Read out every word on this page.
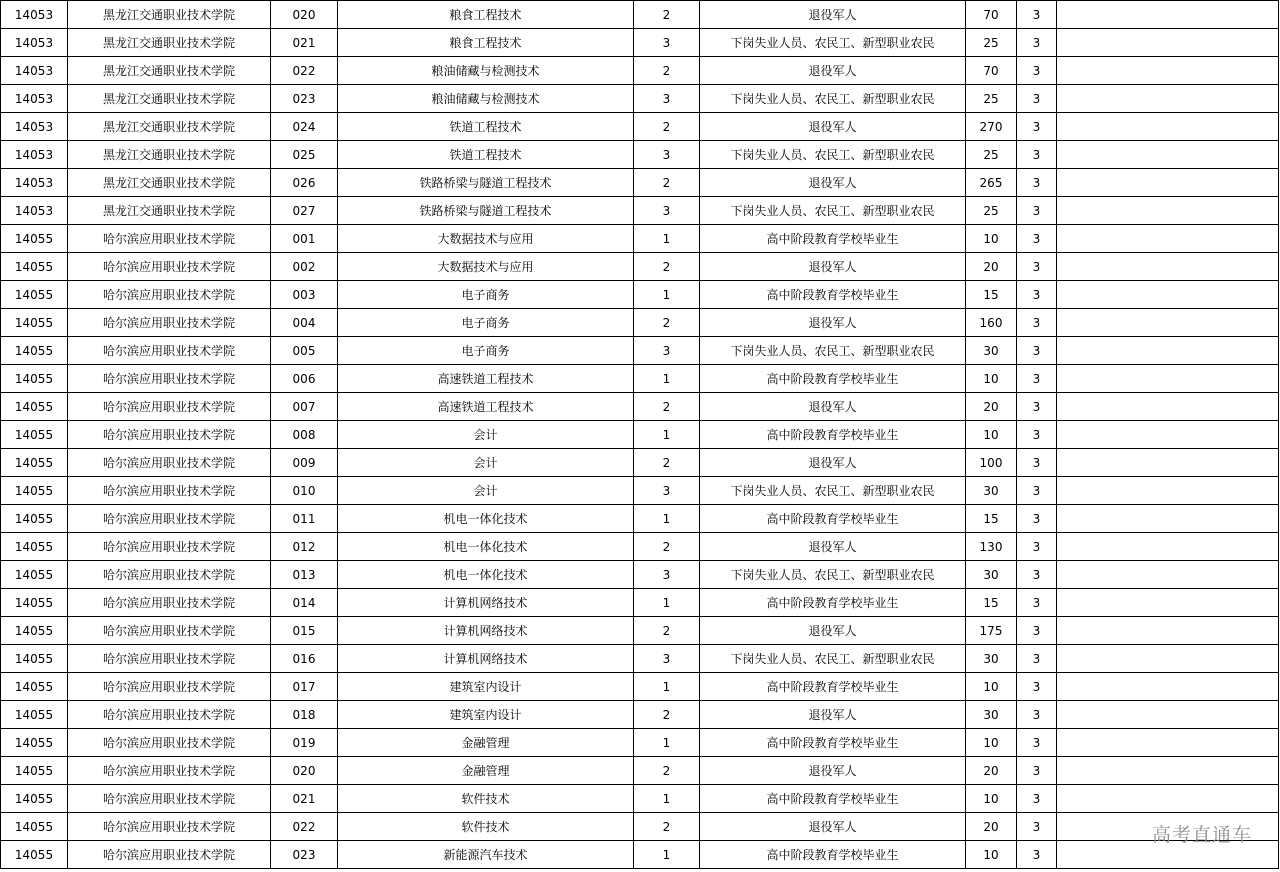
14053	黑龙江交通职业技术学院	020	粮食工程技术	2	退役军人	70	3	
14053	黑龙江交通职业技术学院	021	粮食工程技术	3	下岗失业人员、农民工、新型职业农民	25	3	
14053	黑龙江交通职业技术学院	022	粮油储藏与检测技术	2	退役军人	70	3	
14053	黑龙江交通职业技术学院	023	粮油储藏与检测技术	3	下岗失业人员、农民工、新型职业农民	25	3	
14053	黑龙江交通职业技术学院	024	铁道工程技术	2	退役军人	270	3	
14053	黑龙江交通职业技术学院	025	铁道工程技术	3	下岗失业人员、农民工、新型职业农民	25	3	
14053	黑龙江交通职业技术学院	026	铁路桥梁与隧道工程技术	2	退役军人	265	3	
14053	黑龙江交通职业技术学院	027	铁路桥梁与隧道工程技术	3	下岗失业人员、农民工、新型职业农民	25	3	
14055	哈尔滨应用职业技术学院	001	大数据技术与应用	1	高中阶段教育学校毕业生	10	3	
14055	哈尔滨应用职业技术学院	002	大数据技术与应用	2	退役军人	20	3	
14055	哈尔滨应用职业技术学院	003	电子商务	1	高中阶段教育学校毕业生	15	3	
14055	哈尔滨应用职业技术学院	004	电子商务	2	退役军人	160	3	
14055	哈尔滨应用职业技术学院	005	电子商务	3	下岗失业人员、农民工、新型职业农民	30	3	
14055	哈尔滨应用职业技术学院	006	高速铁道工程技术	1	高中阶段教育学校毕业生	10	3	
14055	哈尔滨应用职业技术学院	007	高速铁道工程技术	2	退役军人	20	3	
14055	哈尔滨应用职业技术学院	008	会计	1	高中阶段教育学校毕业生	10	3	
14055	哈尔滨应用职业技术学院	009	会计	2	退役军人	100	3	
14055	哈尔滨应用职业技术学院	010	会计	3	下岗失业人员、农民工、新型职业农民	30	3	
14055	哈尔滨应用职业技术学院	011	机电一体化技术	1	高中阶段教育学校毕业生	15	3	
14055	哈尔滨应用职业技术学院	012	机电一体化技术	2	退役军人	130	3	
14055	哈尔滨应用职业技术学院	013	机电一体化技术	3	下岗失业人员、农民工、新型职业农民	30	3	
14055	哈尔滨应用职业技术学院	014	计算机网络技术	1	高中阶段教育学校毕业生	15	3	
14055	哈尔滨应用职业技术学院	015	计算机网络技术	2	退役军人	175	3	
14055	哈尔滨应用职业技术学院	016	计算机网络技术	3	下岗失业人员、农民工、新型职业农民	30	3	
14055	哈尔滨应用职业技术学院	017	建筑室内设计	1	高中阶段教育学校毕业生	10	3	
14055	哈尔滨应用职业技术学院	018	建筑室内设计	2	退役军人	30	3	
14055	哈尔滨应用职业技术学院	019	金融管理	1	高中阶段教育学校毕业生	10	3	
14055	哈尔滨应用职业技术学院	020	金融管理	2	退役军人	20	3	
14055	哈尔滨应用职业技术学院	021	软件技术	1	高中阶段教育学校毕业生	10	3	
14055	哈尔滨应用职业技术学院	022	软件技术	2	退役军人	20	3	
14055	哈尔滨应用职业技术学院	023	新能源汽车技术	1	高中阶段教育学校毕业生	10	3	
高考直通车
